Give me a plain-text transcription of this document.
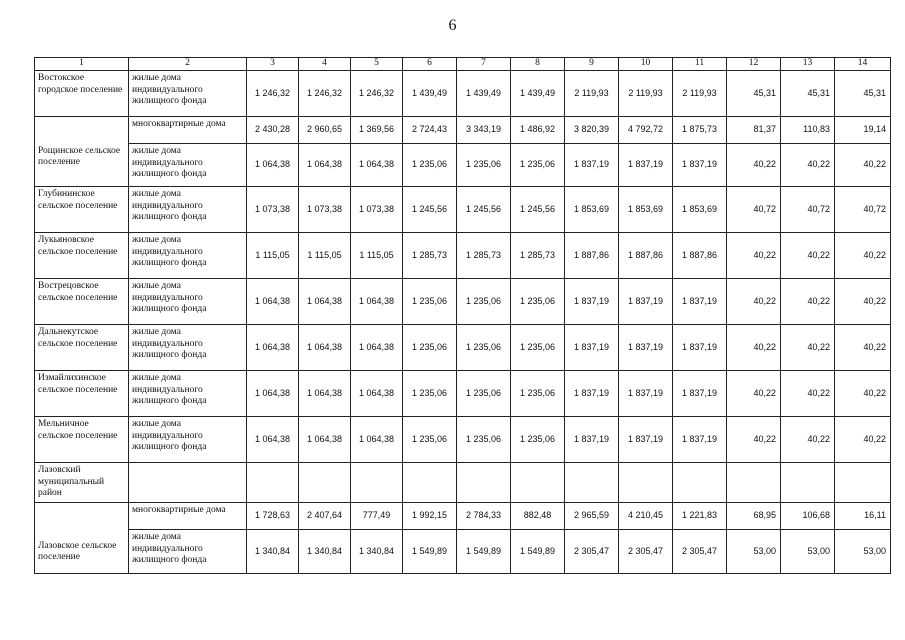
6
1	2	3	4	5	6	7	8	9	10	11	12	13	14
Востокское городское поселение	жилые дома индивидуального жилищного фонда	1 246,32	1 246,32	1 246,32	1 439,49	1 439,49	1 439,49	2 119,93	2 119,93	2 119,93	45,31	45,31	45,31
	многоквартирные дома	2 430,28	2 960,65	1 369,56	2 724,43	3 343,19	1 486,92	3 820,39	4 792,72	1 875,73	81,37	110,83	19,14
Рощинское сельское поселение	жилые дома индивидуального жилищного фонда	1 064,38	1 064,38	1 064,38	1 235,06	1 235,06	1 235,06	1 837,19	1 837,19	1 837,19	40,22	40,22	40,22
Глубининское сельское поселение	жилые дома индивидуального жилищного фонда	1 073,38	1 073,38	1 073,38	1 245,56	1 245,56	1 245,56	1 853,69	1 853,69	1 853,69	40,72	40,72	40,72
Лукьяновское сельское поселение	жилые дома индивидуального жилищного фонда	1 115,05	1 115,05	1 115,05	1 285,73	1 285,73	1 285,73	1 887,86	1 887,86	1 887,86	40,22	40,22	40,22
Вострецовское сельское поселение	жилые дома индивидуального жилищного фонда	1 064,38	1 064,38	1 064,38	1 235,06	1 235,06	1 235,06	1 837,19	1 837,19	1 837,19	40,22	40,22	40,22
Дальнекутское сельское поселение	жилые дома индивидуального жилищного фонда	1 064,38	1 064,38	1 064,38	1 235,06	1 235,06	1 235,06	1 837,19	1 837,19	1 837,19	40,22	40,22	40,22
Измайлихинское сельское поселение	жилые дома индивидуального жилищного фонда	1 064,38	1 064,38	1 064,38	1 235,06	1 235,06	1 235,06	1 837,19	1 837,19	1 837,19	40,22	40,22	40,22
Мельничное сельское поселение	жилые дома индивидуального жилищного фонда	1 064,38	1 064,38	1 064,38	1 235,06	1 235,06	1 235,06	1 837,19	1 837,19	1 837,19	40,22	40,22	40,22
Лазовский муниципальный район													
	многоквартирные дома	1 728,63	2 407,64	777,49	1 992,15	2 784,33	882,48	2 965,59	4 210,45	1 221,83	68,95	106,68	16,11
Лазовское сельское поселение	жилые дома индивидуального жилищного фонда	1 340,84	1 340,84	1 340,84	1 549,89	1 549,89	1 549,89	2 305,47	2 305,47	2 305,47	53,00	53,00	53,00
